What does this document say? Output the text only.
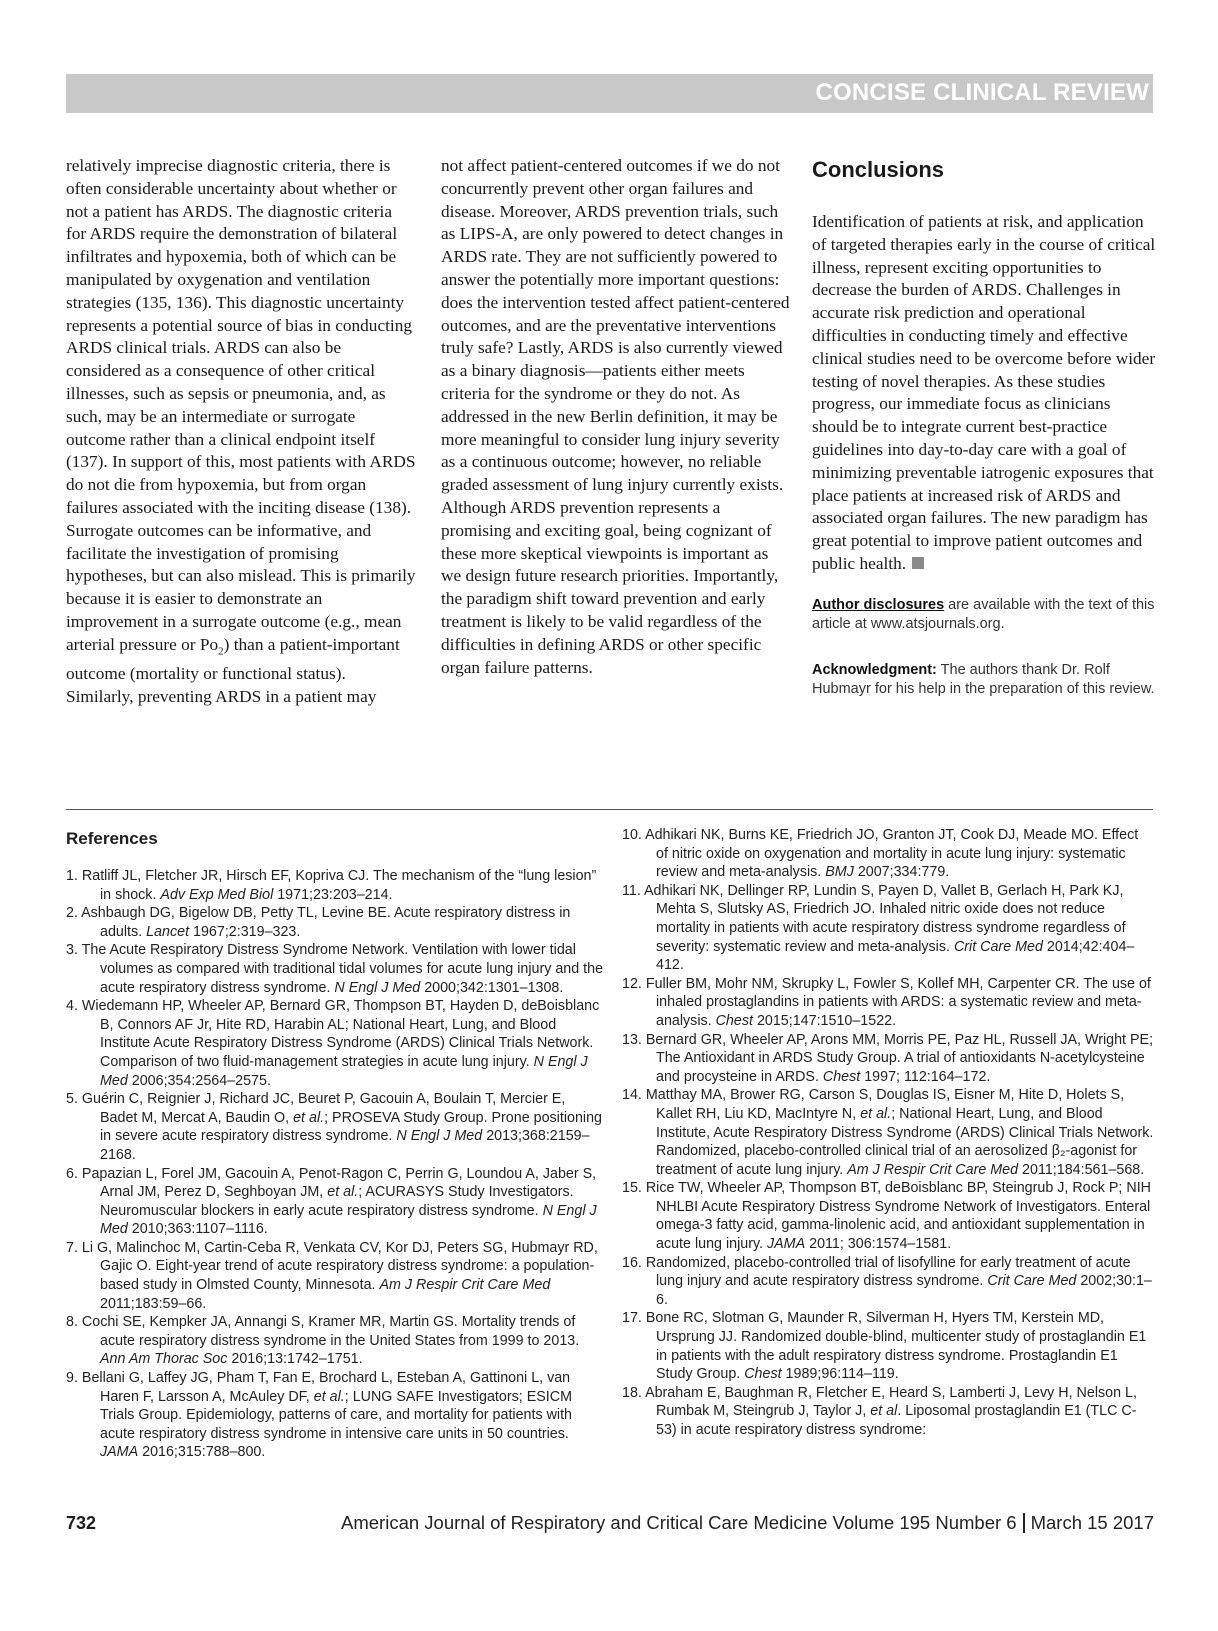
CONCISE CLINICAL REVIEW

relatively imprecise diagnostic criteria, there is often considerable uncertainty about whether or not a patient has ARDS. The diagnostic criteria for ARDS require the demonstration of bilateral infiltrates and hypoxemia, both of which can be manipulated by oxygenation and ventilation strategies (135, 136). This diagnostic uncertainty represents a potential source of bias in conducting ARDS clinical trials. ARDS can also be considered as a consequence of other critical illnesses, such as sepsis or pneumonia, and, as such, may be an intermediate or surrogate outcome rather than a clinical endpoint itself (137). In support of this, most patients with ARDS do not die from hypoxemia, but from organ failures associated with the inciting disease (138). Surrogate outcomes can be informative, and facilitate the investigation of promising hypotheses, but can also mislead. This is primarily because it is easier to demonstrate an improvement in a surrogate outcome (e.g., mean arterial pressure or $Po_2$) than a patient-important outcome (mortality or functional status). Similarly, preventing ARDS in a patient may

not affect patient-centered outcomes if we do not concurrently prevent other organ failures and disease. Moreover, ARDS prevention trials, such as LIPS-A, are only powered to detect changes in ARDS rate. They are not sufficiently powered to answer the potentially more important questions: does the intervention tested affect patient-centered outcomes, and are the preventative interventions truly safe? Lastly, ARDS is also currently viewed as a binary diagnosis—patients either meets criteria for the syndrome or they do not. As addressed in the new Berlin definition, it may be more meaningful to consider lung injury severity as a continuous outcome; however, no reliable graded assessment of lung injury currently exists. Although ARDS prevention represents a promising and exciting goal, being cognizant of these more skeptical viewpoints is important as we design future research priorities. Importantly, the paradigm shift toward prevention and early treatment is likely to be valid regardless of the difficulties in defining ARDS or other specific organ failure patterns.

Conclusions

Identification of patients at risk, and application of targeted therapies early in the course of critical illness, represent exciting opportunities to decrease the burden of ARDS. Challenges in accurate risk prediction and operational difficulties in conducting timely and effective clinical studies need to be overcome before wider testing of novel therapies. As these studies progress, our immediate focus as clinicians should be to integrate current best-practice guidelines into day-to-day care with a goal of minimizing preventable iatrogenic exposures that place patients at increased risk of ARDS and associated organ failures. The new paradigm has great potential to improve patient outcomes and public health.

Author disclosures are available with the text of this article at www.atsjournals.org.
Acknowledgment: The authors thank Dr. Rolf Hubmayr for his help in the preparation of this review.
References
1. Ratliff JL, Fletcher JR, Hirsch EF, Kopriva CJ. The mechanism of the “lung lesion” in shock. Adv Exp Med Biol 1971;23:203–214.
2. Ashbaugh DG, Bigelow DB, Petty TL, Levine BE. Acute respiratory distress in adults. Lancet 1967;2:319–323.
3. The Acute Respiratory Distress Syndrome Network. Ventilation with lower tidal volumes as compared with traditional tidal volumes for acute lung injury and the acute respiratory distress syndrome. N Engl J Med 2000;342:1301–1308.
4. Wiedemann HP, Wheeler AP, Bernard GR, Thompson BT, Hayden D, deBoisblanc B, Connors AF Jr, Hite RD, Harabin AL; National Heart, Lung, and Blood Institute Acute Respiratory Distress Syndrome (ARDS) Clinical Trials Network. Comparison of two fluid-management strategies in acute lung injury. N Engl J Med 2006;354:2564–2575.
5. Guérin C, Reignier J, Richard JC, Beuret P, Gacouin A, Boulain T, Mercier E, Badet M, Mercat A, Baudin O, et al.; PROSEVA Study Group. Prone positioning in severe acute respiratory distress syndrome. N Engl J Med 2013;368:2159–2168.
6. Papazian L, Forel JM, Gacouin A, Penot-Ragon C, Perrin G, Loundou A, Jaber S, Arnal JM, Perez D, Seghboyan JM, et al.; ACURASYS Study Investigators. Neuromuscular blockers in early acute respiratory distress syndrome. N Engl J Med 2010;363:1107–1116.
7. Li G, Malinchoc M, Cartin-Ceba R, Venkata CV, Kor DJ, Peters SG, Hubmayr RD, Gajic O. Eight-year trend of acute respiratory distress syndrome: a population-based study in Olmsted County, Minnesota. Am J Respir Crit Care Med 2011;183:59–66.
8. Cochi SE, Kempker JA, Annangi S, Kramer MR, Martin GS. Mortality trends of acute respiratory distress syndrome in the United States from 1999 to 2013. Ann Am Thorac Soc 2016;13:1742–1751.
9. Bellani G, Laffey JG, Pham T, Fan E, Brochard L, Esteban A, Gattinoni L, van Haren F, Larsson A, McAuley DF, et al.; LUNG SAFE Investigators; ESICM Trials Group. Epidemiology, patterns of care, and mortality for patients with acute respiratory distress syndrome in intensive care units in 50 countries. JAMA 2016;315:788–800.
10. Adhikari NK, Burns KE, Friedrich JO, Granton JT, Cook DJ, Meade MO. Effect of nitric oxide on oxygenation and mortality in acute lung injury: systematic review and meta-analysis. BMJ 2007;334:779.
11. Adhikari NK, Dellinger RP, Lundin S, Payen D, Vallet B, Gerlach H, Park KJ, Mehta S, Slutsky AS, Friedrich JO. Inhaled nitric oxide does not reduce mortality in patients with acute respiratory distress syndrome regardless of severity: systematic review and meta-analysis. Crit Care Med 2014;42:404–412.
12. Fuller BM, Mohr NM, Skrupky L, Fowler S, Kollef MH, Carpenter CR. The use of inhaled prostaglandins in patients with ARDS: a systematic review and meta-analysis. Chest 2015;147:1510–1522.
13. Bernard GR, Wheeler AP, Arons MM, Morris PE, Paz HL, Russell JA, Wright PE; The Antioxidant in ARDS Study Group. A trial of antioxidants N-acetylcysteine and procysteine in ARDS. Chest 1997; 112:164–172.
14. Matthay MA, Brower RG, Carson S, Douglas IS, Eisner M, Hite D, Holets S, Kallet RH, Liu KD, MacIntyre N, et al.; National Heart, Lung, and Blood Institute, Acute Respiratory Distress Syndrome (ARDS) Clinical Trials Network. Randomized, placebo-controlled clinical trial of an aerosolized β₂-agonist for treatment of acute lung injury. Am J Respir Crit Care Med 2011;184:561–568.
15. Rice TW, Wheeler AP, Thompson BT, deBoisblanc BP, Steingrub J, Rock P; NIH NHLBI Acute Respiratory Distress Syndrome Network of Investigators. Enteral omega-3 fatty acid, gamma-linolenic acid, and antioxidant supplementation in acute lung injury. JAMA 2011; 306:1574–1581.
16. Randomized, placebo-controlled trial of lisofylline for early treatment of acute lung injury and acute respiratory distress syndrome. Crit Care Med 2002;30:1–6.
17. Bone RC, Slotman G, Maunder R, Silverman H, Hyers TM, Kerstein MD, Ursprung JJ. Randomized double-blind, multicenter study of prostaglandin E1 in patients with the adult respiratory distress syndrome. Prostaglandin E1 Study Group. Chest 1989;96:114–119.
18. Abraham E, Baughman R, Fletcher E, Heard S, Lamberti J, Levy H, Nelson L, Rumbak M, Steingrub J, Taylor J, et al. Liposomal prostaglandin E1 (TLC C-53) in acute respiratory distress syndrome:
732	American Journal of Respiratory and Critical Care Medicine Volume 195 Number 6 March 15 2017
